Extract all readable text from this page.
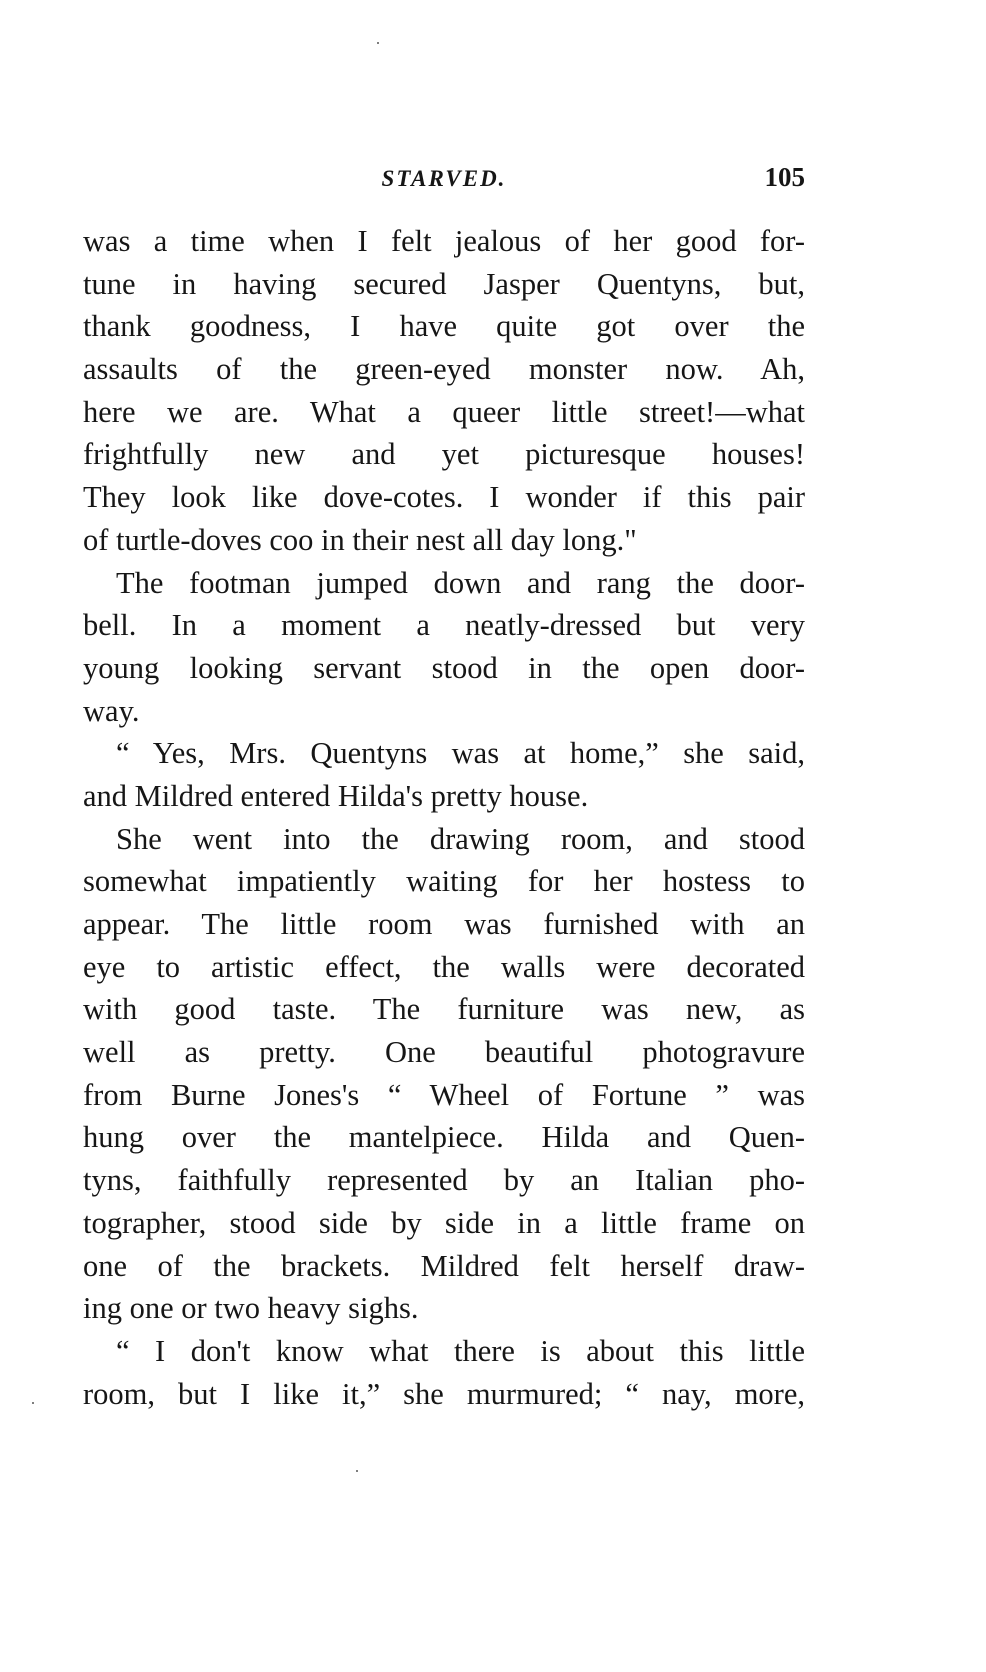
STARVED.	105
was a time when I felt jealous of her good for-
tune in having secured Jasper Quentyns, but,
thank goodness, I have quite got over the
assaults of the green-eyed monster now. Ah,
here we are. What a queer little street!—what
frightfully new and yet picturesque houses!
They look like dove-cotes. I wonder if this pair
of turtle-doves coo in their nest all day long."
The footman jumped down and rang the door-
bell. In a moment a neatly-dressed but very
young looking servant stood in the open door-
way.
“ Yes, Mrs. Quentyns was at home,” she said,
and Mildred entered Hilda's pretty house.
She went into the drawing room, and stood
somewhat impatiently waiting for her hostess to
appear. The little room was furnished with an
eye to artistic effect, the walls were decorated
with good taste. The furniture was new, as
well as pretty. One beautiful photogravure
from Burne Jones's “ Wheel of Fortune ” was
hung over the mantelpiece. Hilda and Quen-
tyns, faithfully represented by an Italian pho-
tographer, stood side by side in a little frame on
one of the brackets. Mildred felt herself draw-
ing one or two heavy sighs.
“ I don't know what there is about this little
room, but I like it,” she murmured; “ nay, more,
